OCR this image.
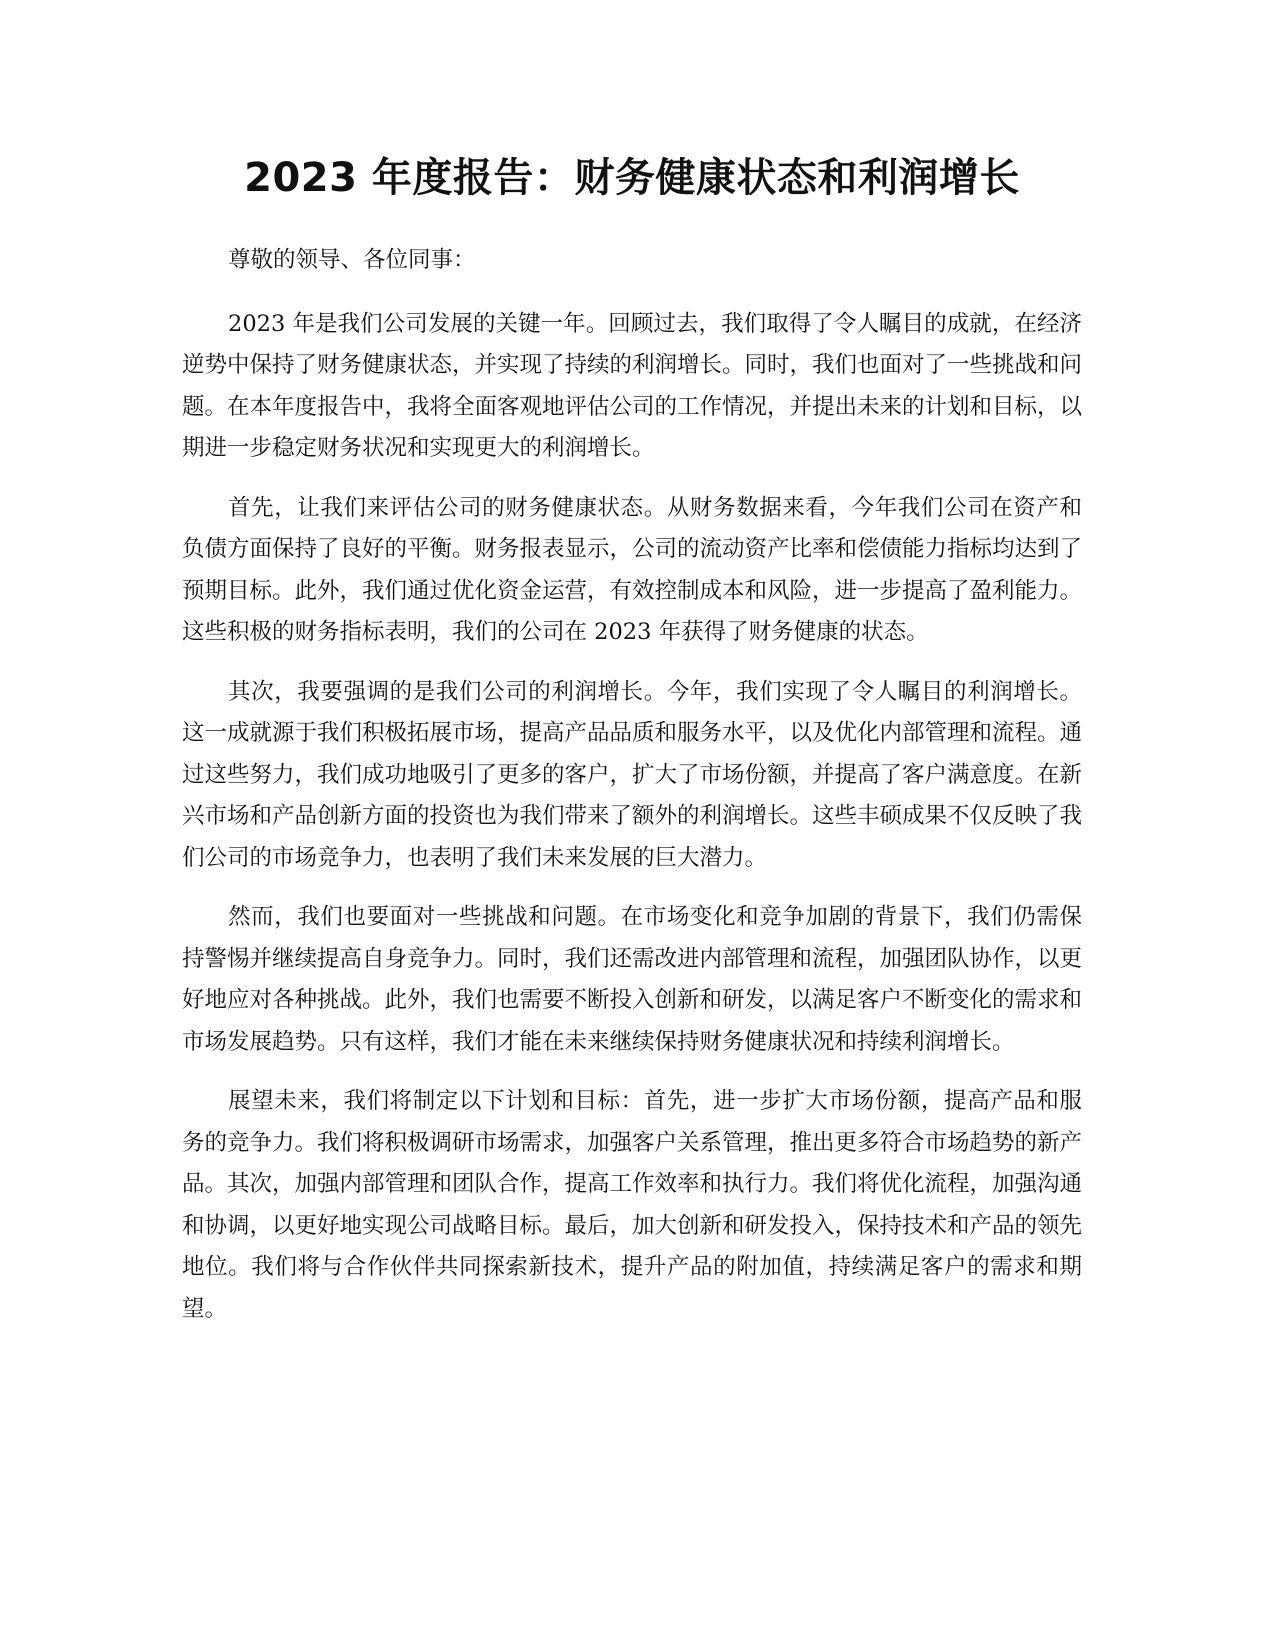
2023 年度报告：财务健康状态和利润增长

尊敬的领导、各位同事：

2023 年是我们公司发展的关键一年。回顾过去，我们取得了令人瞩目的成就，在经济逆势中保持了财务健康状态，并实现了持续的利润增长。同时，我们也面对了一些挑战和问题。在本年度报告中，我将全面客观地评估公司的工作情况，并提出未来的计划和目标，以期进一步稳定财务状况和实现更大的利润增长。

首先，让我们来评估公司的财务健康状态。从财务数据来看，今年我们公司在资产和负债方面保持了良好的平衡。财务报表显示，公司的流动资产比率和偿债能力指标均达到了预期目标。此外，我们通过优化资金运营，有效控制成本和风险，进一步提高了盈利能力。这些积极的财务指标表明，我们的公司在 2023 年获得了财务健康的状态。

其次，我要强调的是我们公司的利润增长。今年，我们实现了令人瞩目的利润增长。这一成就源于我们积极拓展市场，提高产品品质和服务水平，以及优化内部管理和流程。通过这些努力，我们成功地吸引了更多的客户，扩大了市场份额，并提高了客户满意度。在新兴市场和产品创新方面的投资也为我们带来了额外的利润增长。这些丰硕成果不仅反映了我们公司的市场竞争力，也表明了我们未来发展的巨大潜力。

然而，我们也要面对一些挑战和问题。在市场变化和竞争加剧的背景下，我们仍需保持警惕并继续提高自身竞争力。同时，我们还需改进内部管理和流程，加强团队协作，以更好地应对各种挑战。此外，我们也需要不断投入创新和研发，以满足客户不断变化的需求和市场发展趋势。只有这样，我们才能在未来继续保持财务健康状况和持续利润增长。

展望未来，我们将制定以下计划和目标：首先，进一步扩大市场份额，提高产品和服务的竞争力。我们将积极调研市场需求，加强客户关系管理，推出更多符合市场趋势的新产品。其次，加强内部管理和团队合作，提高工作效率和执行力。我们将优化流程，加强沟通和协调，以更好地实现公司战略目标。最后，加大创新和研发投入，保持技术和产品的领先地位。我们将与合作伙伴共同探索新技术，提升产品的附加值，持续满足客户的需求和期望。
